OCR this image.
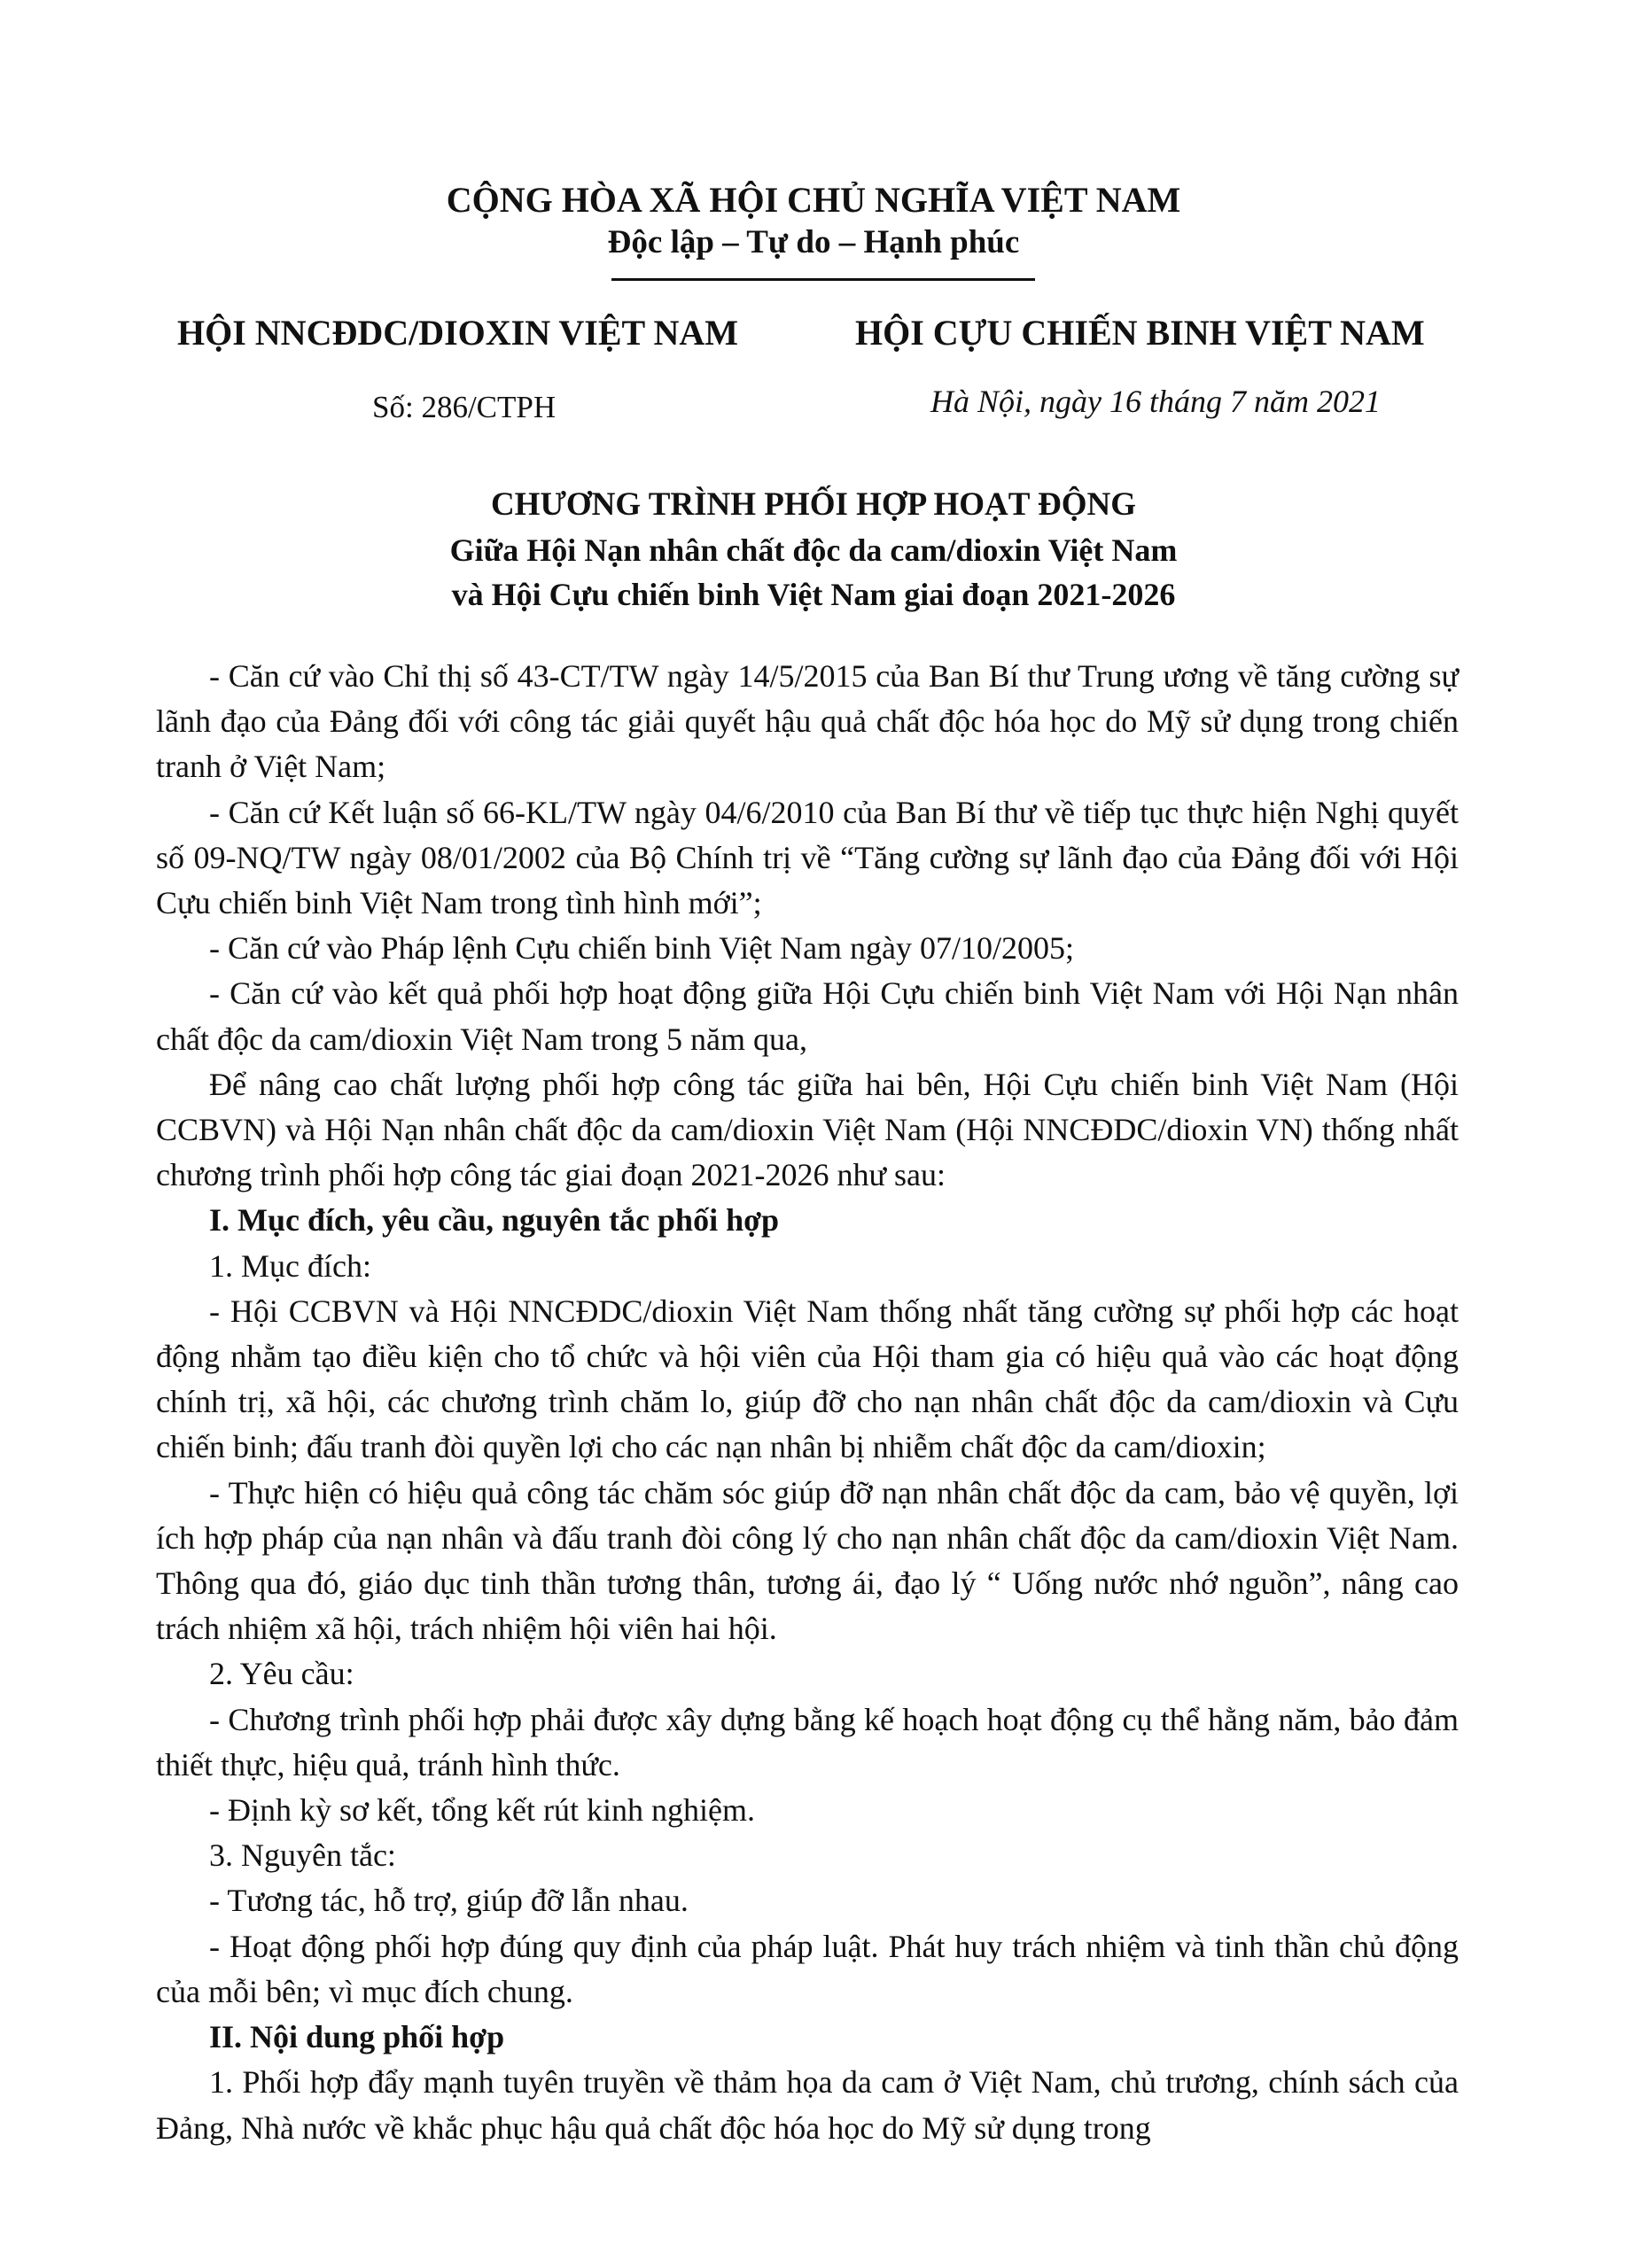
CỘNG HÒA XÃ HỘI CHỦ NGHĨA VIỆT NAM
Độc lập – Tự do – Hạnh phúc
HỘI NNCĐDC/DIOXIN VIỆT NAM	HỘI CỰU CHIẾN BINH VIỆT NAM
Số: 286/CTPH	Hà Nội, ngày 16 tháng 7 năm 2021
CHƯƠNG TRÌNH PHỐI HỢP HOẠT ĐỘNG
Giữa Hội Nạn nhân chất độc da cam/dioxin Việt Nam
và Hội Cựu chiến binh Việt Nam giai đoạn 2021-2026

- Căn cứ vào Chỉ thị số 43-CT/TW ngày 14/5/2015 của Ban Bí thư Trung ương về tăng cường sự lãnh đạo của Đảng đối với công tác giải quyết hậu quả chất độc hóa học do Mỹ sử dụng trong chiến tranh ở Việt Nam;

- Căn cứ Kết luận số 66-KL/TW ngày 04/6/2010 của Ban Bí thư về tiếp tục thực hiện Nghị quyết số 09-NQ/TW ngày 08/01/2002 của Bộ Chính trị về “Tăng cường sự lãnh đạo của Đảng đối với Hội Cựu chiến binh Việt Nam trong tình hình mới”;

- Căn cứ vào Pháp lệnh Cựu chiến binh Việt Nam ngày 07/10/2005;

- Căn cứ vào kết quả phối hợp hoạt động giữa Hội Cựu chiến binh Việt Nam với Hội Nạn nhân chất độc da cam/dioxin Việt Nam trong 5 năm qua,

Để nâng cao chất lượng phối hợp công tác giữa hai bên, Hội Cựu chiến binh Việt Nam (Hội CCBVN) và Hội Nạn nhân chất độc da cam/dioxin Việt Nam (Hội NNCĐDC/dioxin VN) thống nhất chương trình phối hợp công tác giai đoạn 2021-2026 như sau:

I. Mục đích, yêu cầu, nguyên tắc phối hợp

1. Mục đích:

- Hội CCBVN và Hội NNCĐDC/dioxin Việt Nam thống nhất tăng cường sự phối hợp các hoạt động nhằm tạo điều kiện cho tổ chức và hội viên của Hội tham gia có hiệu quả vào các hoạt động chính trị, xã hội, các chương trình chăm lo, giúp đỡ cho nạn nhân chất độc da cam/dioxin và Cựu chiến binh; đấu tranh đòi quyền lợi cho các nạn nhân bị nhiễm chất độc da cam/dioxin;

- Thực hiện có hiệu quả công tác chăm sóc giúp đỡ nạn nhân chất độc da cam, bảo vệ quyền, lợi ích hợp pháp của nạn nhân và đấu tranh đòi công lý cho nạn nhân chất độc da cam/dioxin Việt Nam. Thông qua đó, giáo dục tinh thần tương thân, tương ái, đạo lý “ Uống nước nhớ nguồn”, nâng cao trách nhiệm xã hội, trách nhiệm hội viên hai hội.

2. Yêu cầu:

- Chương trình phối hợp phải được xây dựng bằng kế hoạch hoạt động cụ thể hằng năm, bảo đảm thiết thực, hiệu quả, tránh hình thức.

- Định kỳ sơ kết, tổng kết rút kinh nghiệm.

3. Nguyên tắc:

- Tương tác, hỗ trợ, giúp đỡ lẫn nhau.

- Hoạt động phối hợp đúng quy định của pháp luật. Phát huy trách nhiệm và tinh thần chủ động của mỗi bên; vì mục đích chung.

II. Nội dung phối hợp

1. Phối hợp đẩy mạnh tuyên truyền về thảm họa da cam ở Việt Nam, chủ trương, chính sách của Đảng, Nhà nước về khắc phục hậu quả chất độc hóa học do Mỹ sử dụng trong
